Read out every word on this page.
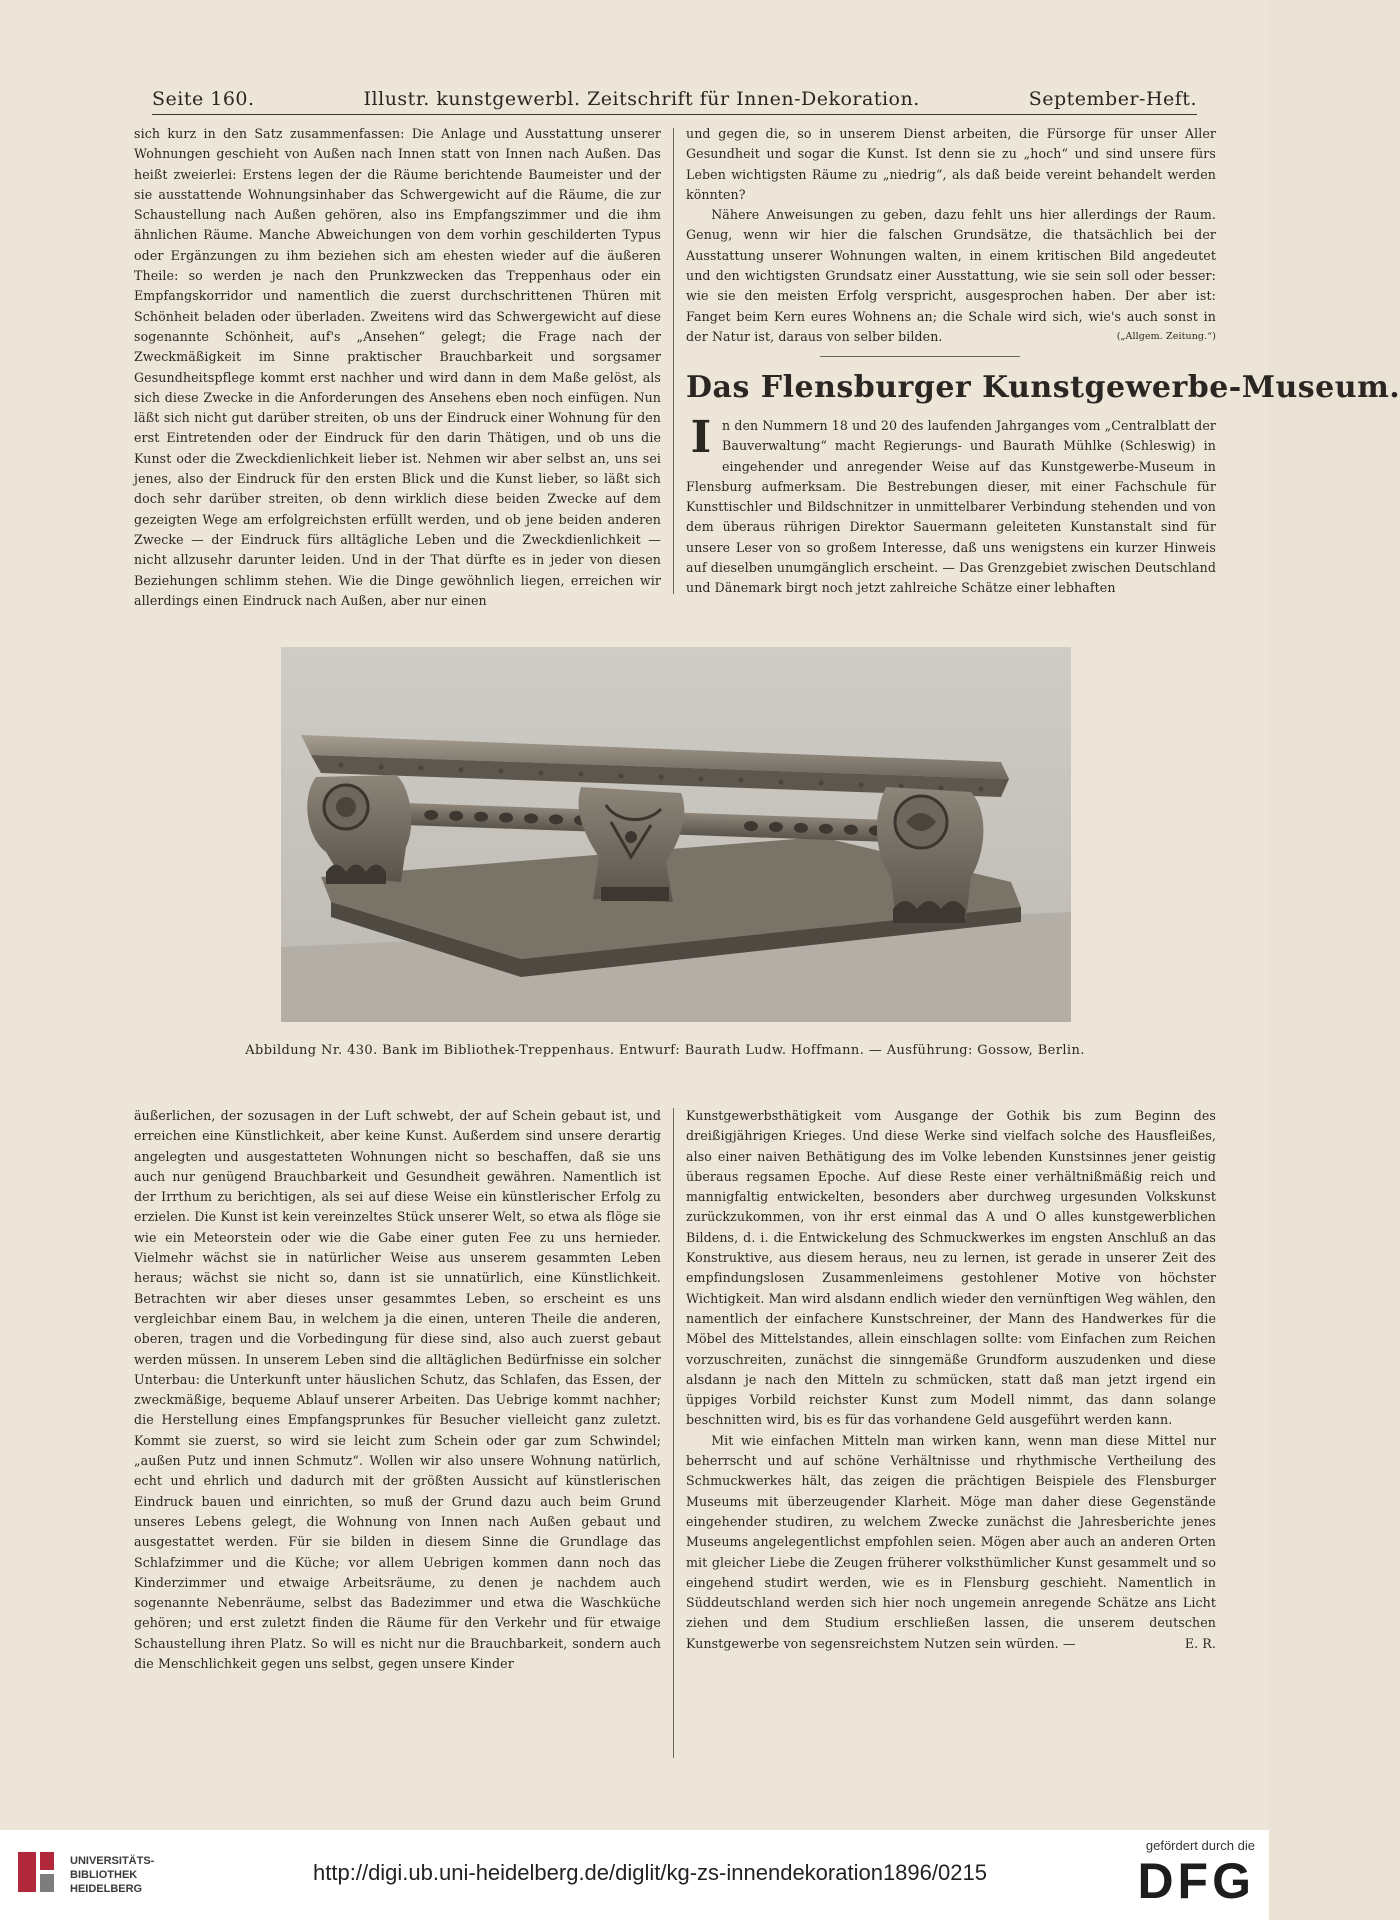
Seite 160.	Illustr. kunstgewerbl. Zeitschrift für Innen-Dekoration.	September-Heft.

sich kurz in den Satz zusammenfassen: Die Anlage und Ausstattung unserer Wohnungen geschieht von Außen nach Innen statt von Innen nach Außen. Das heißt zweierlei: Erstens legen der die Räume berichtende Baumeister und der sie ausstattende Wohnungsinhaber das Schwergewicht auf die Räume, die zur Schaustellung nach Außen gehören, also ins Empfangszimmer und die ihm ähnlichen Räume. Manche Abweichungen von dem vorhin geschilderten Typus oder Ergänzungen zu ihm beziehen sich am ehesten wieder auf die äußeren Theile: so werden je nach den Prunkzwecken das Treppenhaus oder ein Empfangskorridor und namentlich die zuerst durchschrittenen Thüren mit Schönheit beladen oder überladen. Zweitens wird das Schwergewicht auf diese sogenannte Schönheit, auf's „Ansehen“ gelegt; die Frage nach der Zweckmäßigkeit im Sinne praktischer Brauchbarkeit und sorgsamer Gesundheitspflege kommt erst nachher und wird dann in dem Maße gelöst, als sich diese Zwecke in die Anforderungen des Ansehens eben noch einfügen. Nun läßt sich nicht gut darüber streiten, ob uns der Eindruck einer Wohnung für den erst Eintretenden oder der Eindruck für den darin Thätigen, und ob uns die Kunst oder die Zweckdienlichkeit lieber ist. Nehmen wir aber selbst an, uns sei jenes, also der Eindruck für den ersten Blick und die Kunst lieber, so läßt sich doch sehr darüber streiten, ob denn wirklich diese beiden Zwecke auf dem gezeigten Wege am erfolgreichsten erfüllt werden, und ob jene beiden anderen Zwecke — der Eindruck fürs alltägliche Leben und die Zweckdienlichkeit — nicht allzusehr darunter leiden. Und in der That dürfte es in jeder von diesen Beziehungen schlimm stehen. Wie die Dinge gewöhnlich liegen, erreichen wir allerdings einen Eindruck nach Außen, aber nur einen

und gegen die, so in unserem Dienst arbeiten, die Fürsorge für unser Aller Gesundheit und sogar die Kunst. Ist denn sie zu „hoch“ und sind unsere fürs Leben wichtigsten Räume zu „niedrig“, als daß beide vereint behandelt werden könnten?

Nähere Anweisungen zu geben, dazu fehlt uns hier allerdings der Raum. Genug, wenn wir hier die falschen Grundsätze, die thatsächlich bei der Ausstattung unserer Wohnungen walten, in einem kritischen Bild angedeutet und den wichtigsten Grundsatz einer Ausstattung, wie sie sein soll oder besser: wie sie den meisten Erfolg verspricht, ausgesprochen haben. Der aber ist: Fanget beim Kern eures Wohnens an; die Schale wird sich, wie's auch sonst in der Natur ist, daraus von selber bilden.	(„Allgem. Zeitung.“)

Das Flensburger Kunstgewerbe-Museum.

In den Nummern 18 und 20 des laufenden Jahrganges vom „Centralblatt der Bauverwaltung“ macht Regierungs- und Baurath Mühlke (Schleswig) in eingehender und anregender Weise auf das Kunstgewerbe-Museum in Flensburg aufmerksam. Die Bestrebungen dieser, mit einer Fachschule für Kunsttischler und Bildschnitzer in unmittelbarer Verbindung stehenden und von dem überaus rührigen Direktor Sauermann geleiteten Kunstanstalt sind für unsere Leser von so großem Interesse, daß uns wenigstens ein kurzer Hinweis auf dieselben unumgänglich erscheint. — Das Grenzgebiet zwischen Deutschland und Dänemark birgt noch jetzt zahlreiche Schätze einer lebhaften

Abbildung Nr. 430. Bank im Bibliothek-Treppenhaus. Entwurf: Baurath Ludw. Hoffmann. — Ausführung: Gossow, Berlin.

äußerlichen, der sozusagen in der Luft schwebt, der auf Schein gebaut ist, und erreichen eine Künstlichkeit, aber keine Kunst. Außerdem sind unsere derartig angelegten und ausgestatteten Wohnungen nicht so beschaffen, daß sie uns auch nur genügend Brauchbarkeit und Gesundheit gewähren. Namentlich ist der Irrthum zu berichtigen, als sei auf diese Weise ein künstlerischer Erfolg zu erzielen. Die Kunst ist kein vereinzeltes Stück unserer Welt, so etwa als flöge sie wie ein Meteorstein oder wie die Gabe einer guten Fee zu uns hernieder. Vielmehr wächst sie in natürlicher Weise aus unserem gesammten Leben heraus; wächst sie nicht so, dann ist sie unnatürlich, eine Künstlichkeit. Betrachten wir aber dieses unser gesammtes Leben, so erscheint es uns vergleichbar einem Bau, in welchem ja die einen, unteren Theile die anderen, oberen, tragen und die Vorbedingung für diese sind, also auch zuerst gebaut werden müssen. In unserem Leben sind die alltäglichen Bedürfnisse ein solcher Unterbau: die Unterkunft unter häuslichen Schutz, das Schlafen, das Essen, der zweckmäßige, bequeme Ablauf unserer Arbeiten. Das Uebrige kommt nachher; die Herstellung eines Empfangsprunkes für Besucher vielleicht ganz zuletzt. Kommt sie zuerst, so wird sie leicht zum Schein oder gar zum Schwindel; „außen Putz und innen Schmutz“. Wollen wir also unsere Wohnung natürlich, echt und ehrlich und dadurch mit der größten Aussicht auf künstlerischen Eindruck bauen und einrichten, so muß der Grund dazu auch beim Grund unseres Lebens gelegt, die Wohnung von Innen nach Außen gebaut und ausgestattet werden. Für sie bilden in diesem Sinne die Grundlage das Schlafzimmer und die Küche; vor allem Uebrigen kommen dann noch das Kinderzimmer und etwaige Arbeitsräume, zu denen je nachdem auch sogenannte Nebenräume, selbst das Badezimmer und etwa die Waschküche gehören; und erst zuletzt finden die Räume für den Verkehr und für etwaige Schaustellung ihren Platz. So will es nicht nur die Brauchbarkeit, sondern auch die Menschlichkeit gegen uns selbst, gegen unsere Kinder

Kunstgewerbsthätigkeit vom Ausgange der Gothik bis zum Beginn des dreißigjährigen Krieges. Und diese Werke sind vielfach solche des Hausfleißes, also einer naiven Bethätigung des im Volke lebenden Kunstsinnes jener geistig überaus regsamen Epoche. Auf diese Reste einer verhältnißmäßig reich und mannigfaltig entwickelten, besonders aber durchweg urgesunden Volkskunst zurückzukommen, von ihr erst einmal das A und O alles kunstgewerblichen Bildens, d. i. die Entwickelung des Schmuckwerkes im engsten Anschluß an das Konstruktive, aus diesem heraus, neu zu lernen, ist gerade in unserer Zeit des empfindungslosen Zusammenleimens gestohlener Motive von höchster Wichtigkeit. Man wird alsdann endlich wieder den vernünftigen Weg wählen, den namentlich der einfachere Kunstschreiner, der Mann des Handwerkes für die Möbel des Mittelstandes, allein einschlagen sollte: vom Einfachen zum Reichen vorzuschreiten, zunächst die sinngemäße Grundform auszudenken und diese alsdann je nach den Mitteln zu schmücken, statt daß man jetzt irgend ein üppiges Vorbild reichster Kunst zum Modell nimmt, das dann solange beschnitten wird, bis es für das vorhandene Geld ausgeführt werden kann.

Mit wie einfachen Mitteln man wirken kann, wenn man diese Mittel nur beherrscht und auf schöne Verhältnisse und rhythmische Vertheilung des Schmuckwerkes hält, das zeigen die prächtigen Beispiele des Flensburger Museums mit überzeugender Klarheit. Möge man daher diese Gegenstände eingehender studiren, zu welchem Zwecke zunächst die Jahresberichte jenes Museums angelegentlichst empfohlen seien. Mögen aber auch an anderen Orten mit gleicher Liebe die Zeugen früherer volksthümlicher Kunst gesammelt und so eingehend studirt werden, wie es in Flensburg geschieht. Namentlich in Süddeutschland werden sich hier noch ungemein anregende Schätze ans Licht ziehen und dem Studium erschließen lassen, die unserem deutschen Kunstgewerbe von segensreichstem Nutzen sein würden. —	E. R.

UNIVERSITÄTS-
BIBLIOTHEK
HEIDELBERG
http://digi.ub.uni-heidelberg.de/diglit/kg-zs-innendekoration1896/0215
gefördert durch die
DFG
